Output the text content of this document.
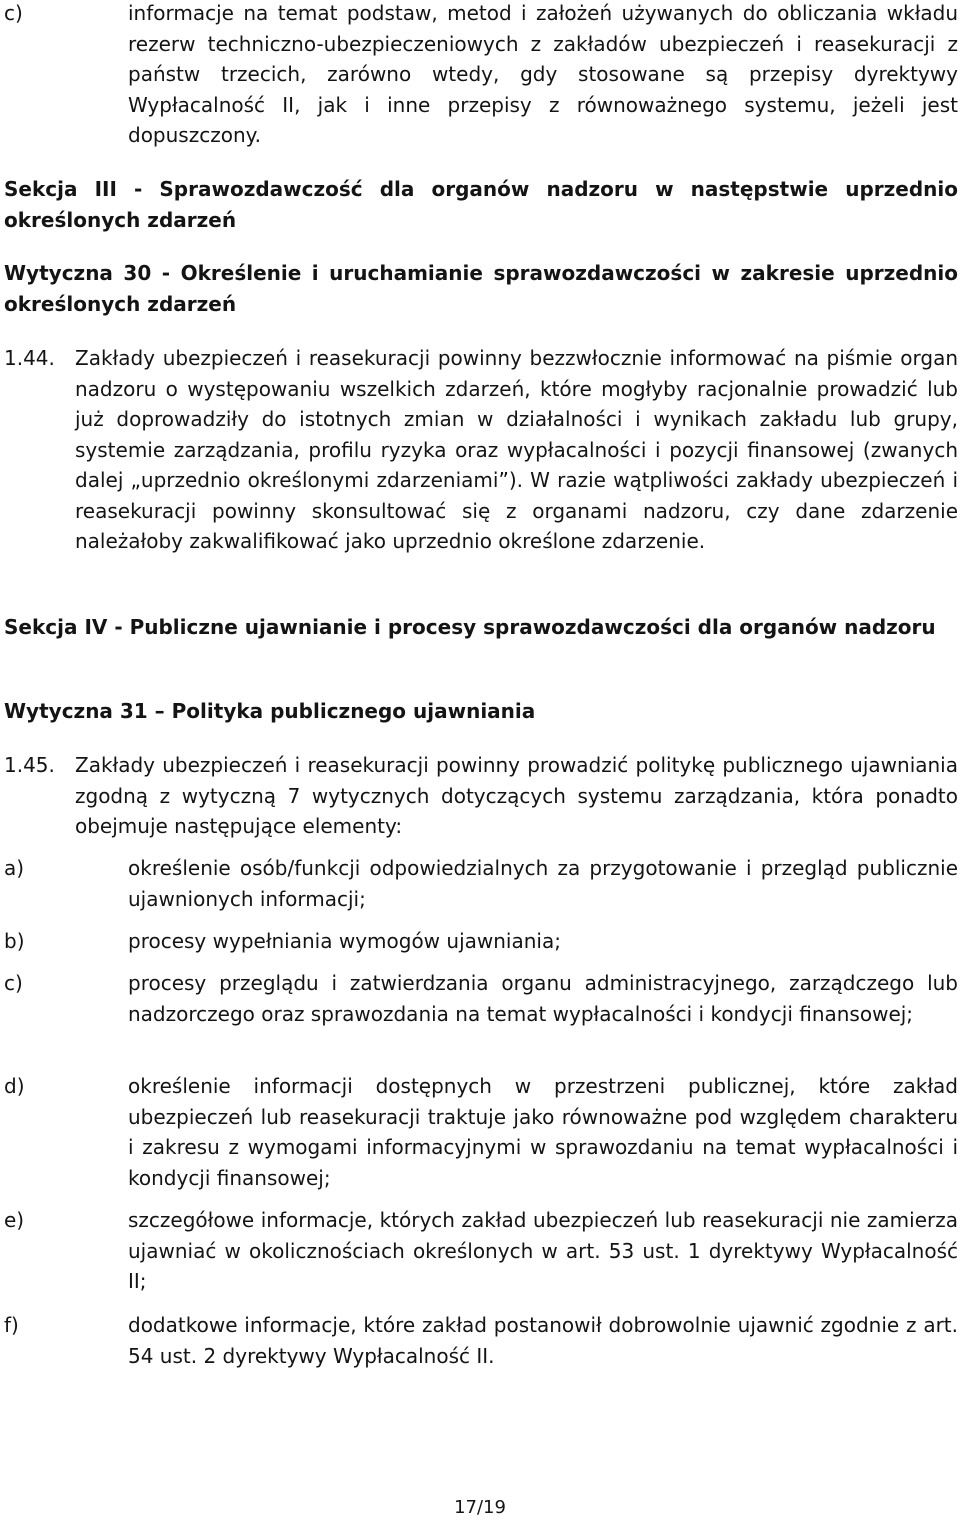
c)	informacje na temat podstaw, metod i założeń używanych do obliczania wkładu rezerw techniczno-ubezpieczeniowych z zakładów ubezpieczeń i reasekuracji z państw trzecich, zarówno wtedy, gdy stosowane są przepisy dyrektywy Wypłacalność II, jak i inne przepisy z równoważnego systemu, jeżeli jest dopuszczony.
Sekcja III - Sprawozdawczość dla organów nadzoru w następstwie uprzednio określonych zdarzeń
Wytyczna 30 - Określenie i uruchamianie sprawozdawczości w zakresie uprzednio określonych zdarzeń
1.44. Zakłady ubezpieczeń i reasekuracji powinny bezzwłocznie informować na piśmie organ nadzoru o występowaniu wszelkich zdarzeń, które mogłyby racjonalnie prowadzić lub już doprowadziły do istotnych zmian w działalności i wynikach zakładu lub grupy, systemie zarządzania, profilu ryzyka oraz wypłacalności i pozycji finansowej (zwanych dalej „uprzednio określonymi zdarzeniami”). W razie wątpliwości zakłady ubezpieczeń i reasekuracji powinny skonsultować się z organami nadzoru, czy dane zdarzenie należałoby zakwalifikować jako uprzednio określone zdarzenie.
Sekcja IV - Publiczne ujawnianie i procesy sprawozdawczości dla organów nadzoru
Wytyczna 31 – Polityka publicznego ujawniania
1.45. Zakłady ubezpieczeń i reasekuracji powinny prowadzić politykę publicznego ujawniania zgodną z wytyczną 7 wytycznych dotyczących systemu zarządzania, która ponadto obejmuje następujące elementy:
a)	określenie osób/funkcji odpowiedzialnych za przygotowanie i przegląd publicznie ujawnionych informacji;
b)	procesy wypełniania wymogów ujawniania;
c)	procesy przeglądu i zatwierdzania organu administracyjnego, zarządczego lub nadzorczego oraz sprawozdania na temat wypłacalności i kondycji finansowej;
d)	określenie informacji dostępnych w przestrzeni publicznej, które zakład ubezpieczeń lub reasekuracji traktuje jako równoważne pod względem charakteru i zakresu z wymogami informacyjnymi w sprawozdaniu na temat wypłacalności i kondycji finansowej;
e)	szczegółowe informacje, których zakład ubezpieczeń lub reasekuracji nie zamierza ujawniać w okolicznościach określonych w art. 53 ust. 1 dyrektywy Wypłacalność II;
f)	dodatkowe informacje, które zakład postanowił dobrowolnie ujawnić zgodnie z art. 54 ust. 2 dyrektywy Wypłacalność II.
17/19
